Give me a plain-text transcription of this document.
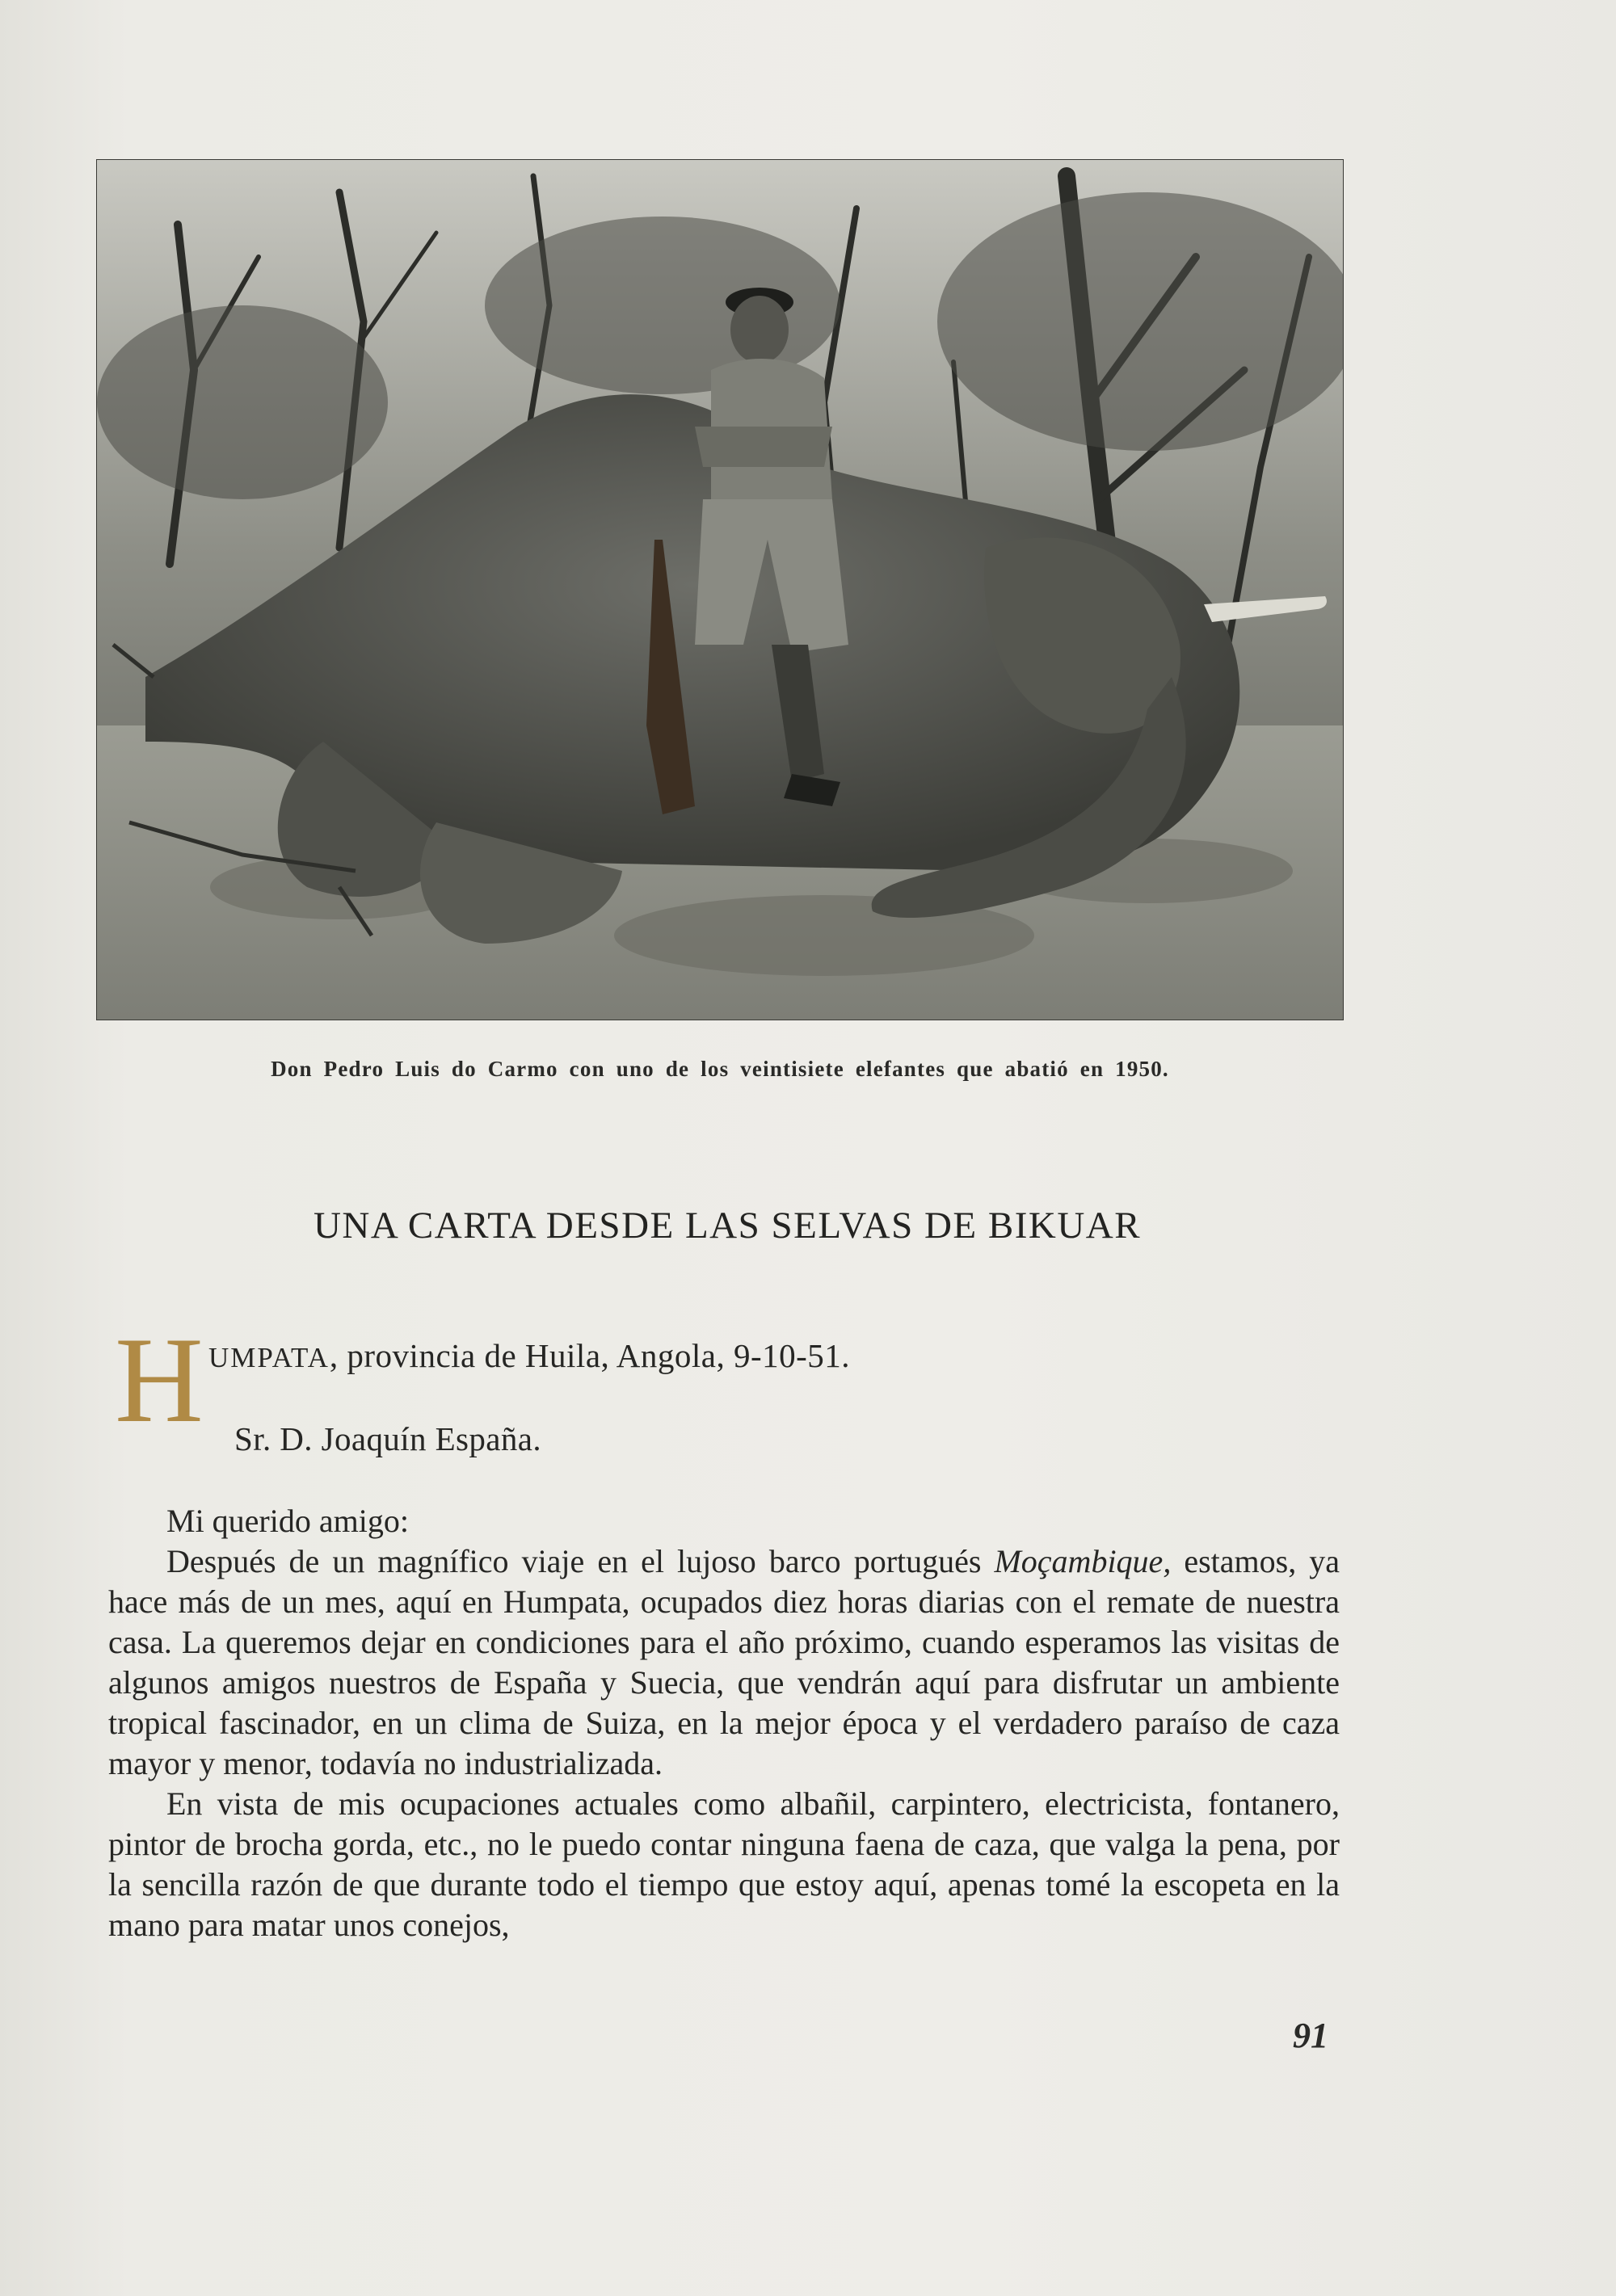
Don Pedro Luis do Carmo con uno de los veintisiete elefantes que abatió en 1950.
UNA CARTA DESDE LAS SELVAS DE BIKUAR
H UMPATA, provincia de Huila, Angola, 9-10-51.
Sr. D. Joaquín España.

Mi querido amigo:

Después de un magnífico viaje en el lujoso barco portugués Moçambique, estamos, ya hace más de un mes, aquí en Humpata, ocupados diez horas diarias con el remate de nuestra casa. La queremos dejar en condiciones para el año próximo, cuando esperamos las visitas de algunos amigos nuestros de España y Suecia, que vendrán aquí para disfrutar un ambiente tropical fascinador, en un clima de Suiza, en la mejor época y el verdadero paraíso de caza mayor y menor, todavía no industrializada.

En vista de mis ocupaciones actuales como albañil, carpintero, electricista, fontanero, pintor de brocha gorda, etc., no le puedo contar ninguna faena de caza, que valga la pena, por la sencilla razón de que durante todo el tiempo que estoy aquí, apenas tomé la escopeta en la mano para matar unos conejos,

91
